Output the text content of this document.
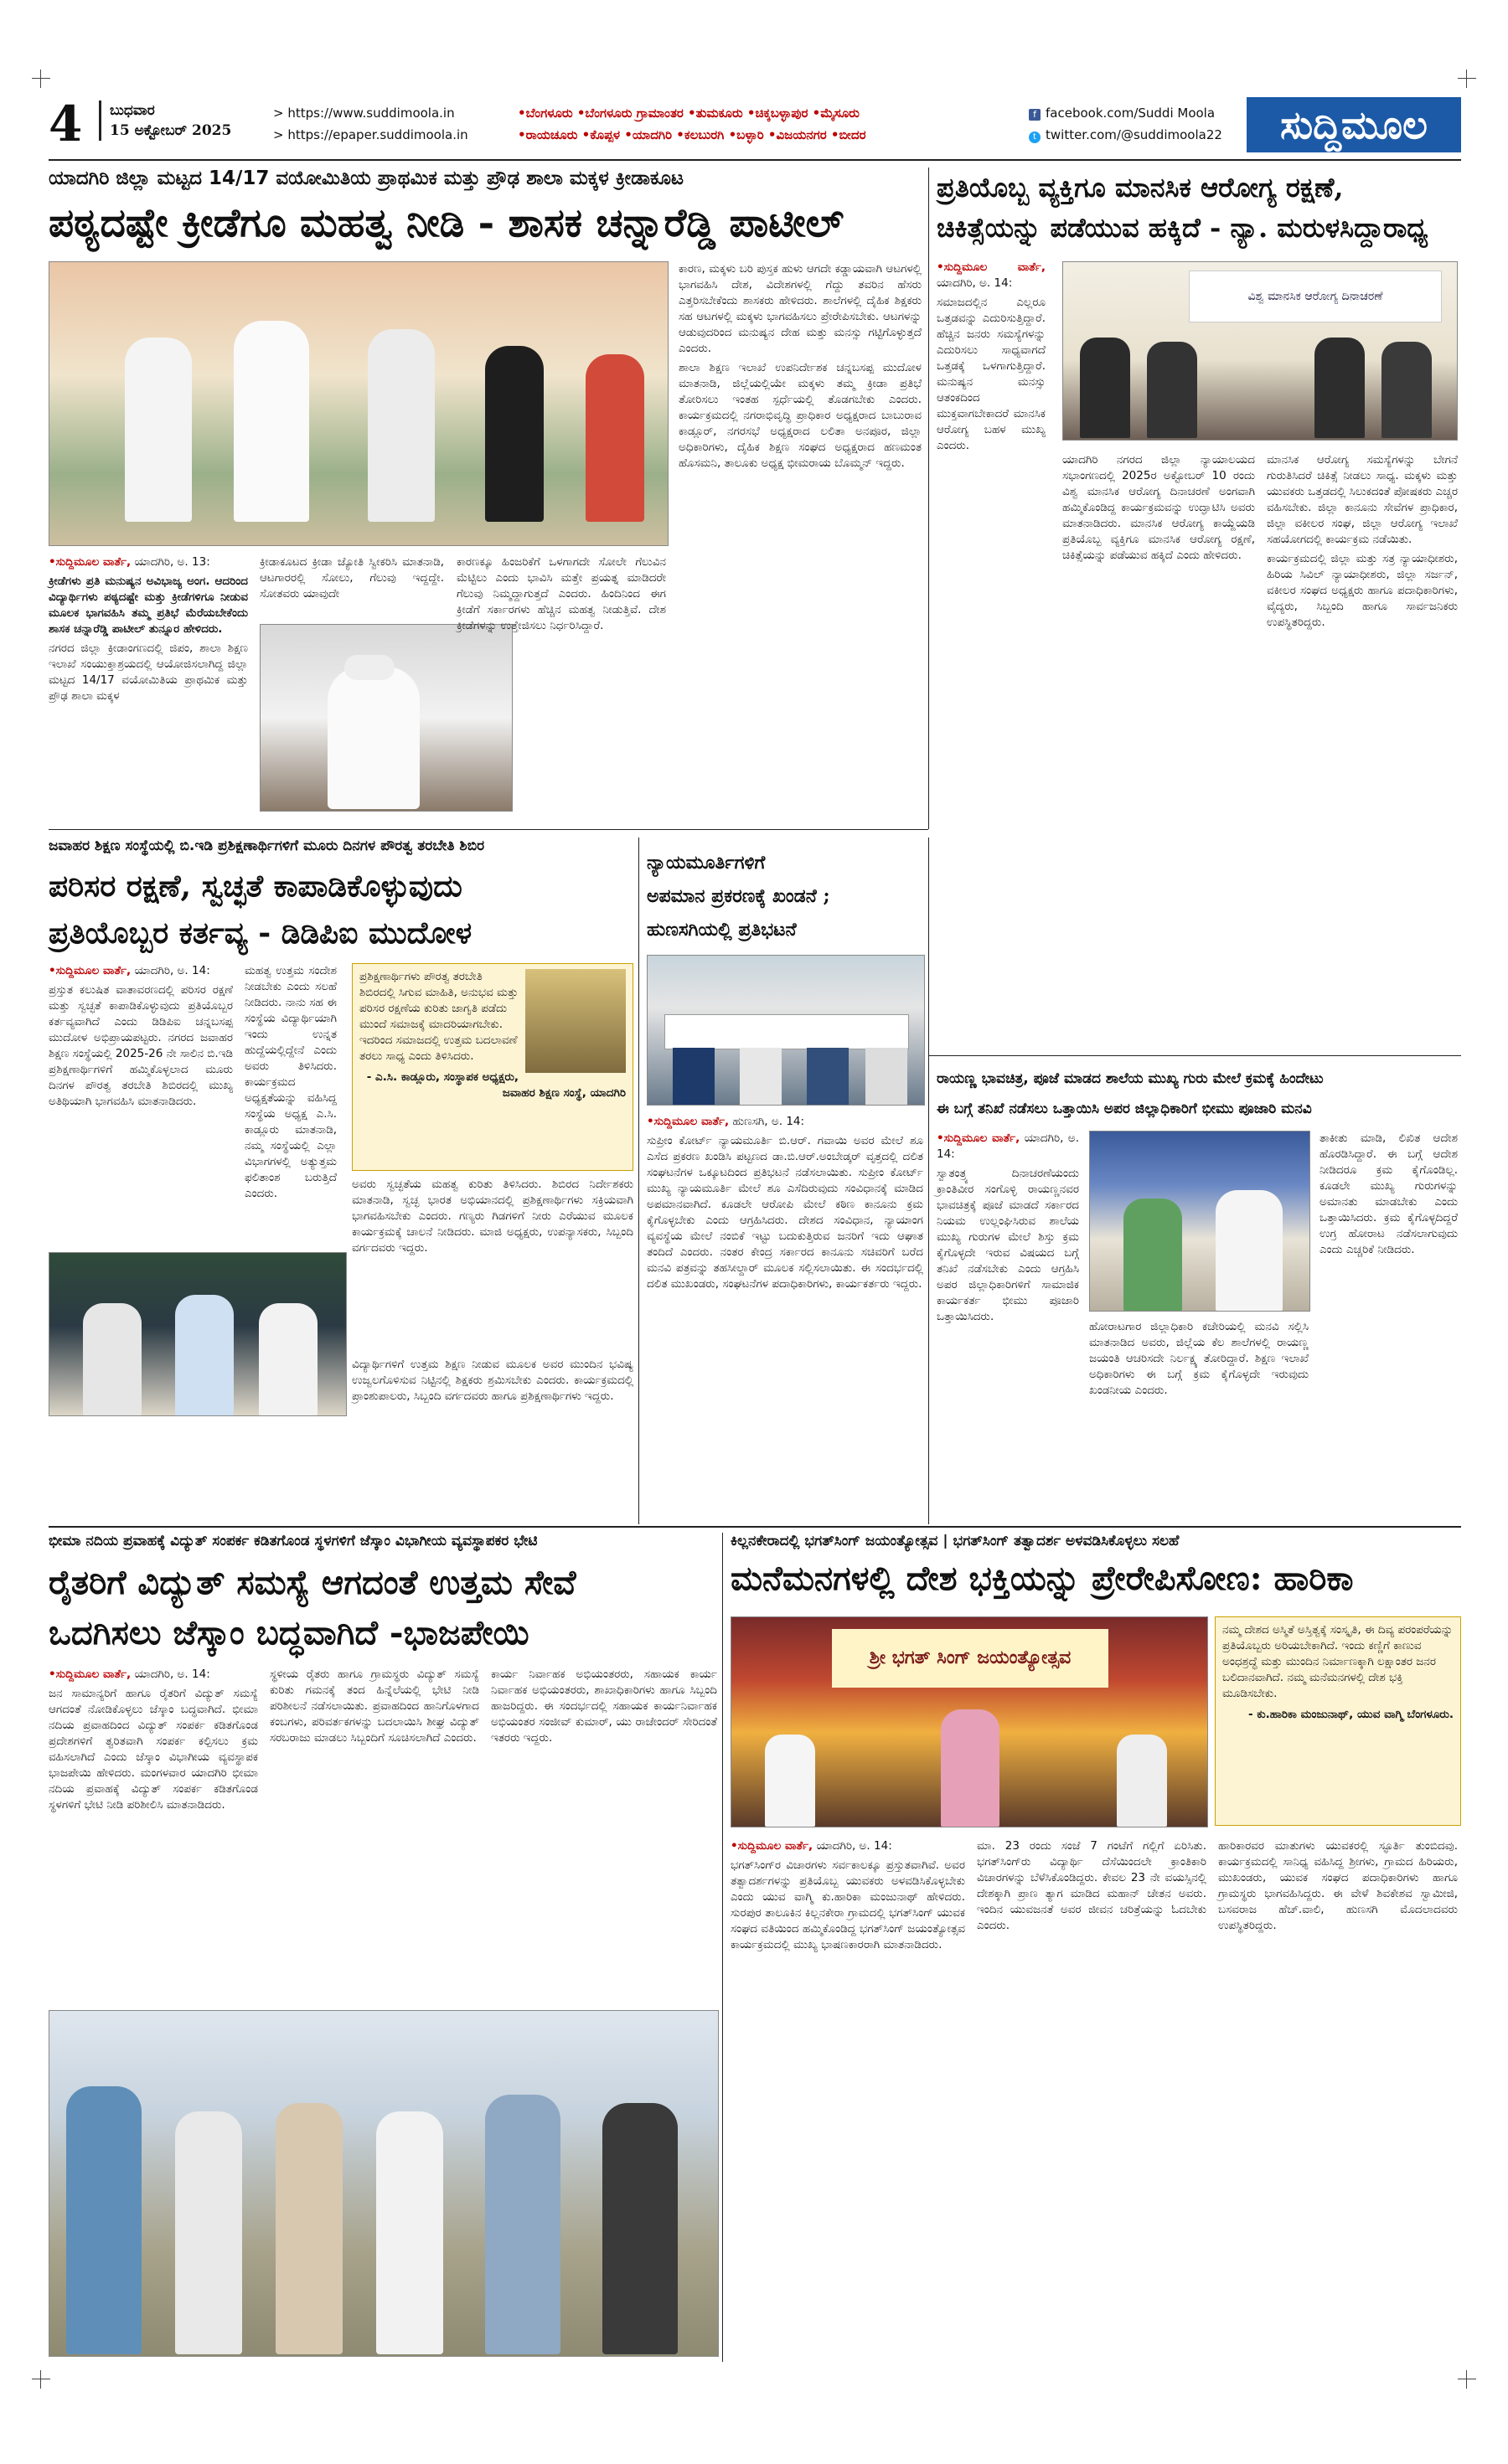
4 ಬುಧವಾರ
15 ಅಕ್ಟೋಬರ್ 2025
> https://www.suddimoola.in
> https://epaper.suddimoola.in
•ಬೆಂಗಳೂರು •ಬೆಂಗಳೂರು ಗ್ರಾಮಾಂತರ •ತುಮಕೂರು •ಚಿಕ್ಕಬಳ್ಳಾಪುರ •ಮೈಸೂರು
•ರಾಯಚೂರು •ಕೊಪ್ಪಳ •ಯಾದಗಿರಿ •ಕಲಬುರಗಿ •ಬಳ್ಳಾರಿ •ವಿಜಯನಗರ •ಬೀದರ
f facebook.com/Suddi Moola
t twitter.com/@suddimoola22	ಸುದ್ದಿಮೂಲ
ಯಾದಗಿರಿ ಜಿಲ್ಲಾ ಮಟ್ಟದ 14/17 ವಯೋಮಿತಿಯ ಪ್ರಾಥಮಿಕ ಮತ್ತು ಪ್ರೌಢ ಶಾಲಾ ಮಕ್ಕಳ ಕ್ರೀಡಾಕೂಟ
ಪಠ್ಯದಷ್ಟೇ ಕ್ರೀಡೆಗೂ ಮಹತ್ವ ನೀಡಿ - ಶಾಸಕ ಚನ್ನಾರೆಡ್ಡಿ ಪಾಟೀಲ್

ಕಾರಣ, ಮಕ್ಕಳು ಬರಿ ಪುಸ್ತಕ ಹುಳು ಆಗದೇ ಕಡ್ಡಾಯವಾಗಿ ಆಟಗಳಲ್ಲಿ ಭಾಗವಹಿಸಿ ದೇಶ, ವಿದೇಶಗಳಲ್ಲಿ ಗೆದ್ದು ತವರಿನ ಹೆಸರು ಎತ್ತರಿಸಬೇಕೆಂದು ಶಾಸಕರು ಹೇಳಿದರು. ಶಾಲೆಗಳಲ್ಲಿ ದೈಹಿಕ ಶಿಕ್ಷಕರು ಸಹ ಆಟಗಳಲ್ಲಿ ಮಕ್ಕಳು ಭಾಗವಹಿಸಲು ಪ್ರೇರೇಪಿಸಬೇಕು. ಆಟಗಳನ್ನು ಆಡುವುದರಿಂದ ಮನುಷ್ಯನ ದೇಹ ಮತ್ತು ಮನಸ್ಸು ಗಟ್ಟಿಗೊಳ್ಳುತ್ತದೆ ಎಂದರು.

ಶಾಲಾ ಶಿಕ್ಷಣ ಇಲಾಖೆ ಉಪನಿರ್ದೇಶಕ ಚನ್ನಬಸಪ್ಪ ಮುದೋಳ ಮಾತನಾಡಿ, ಜಿಲ್ಲೆಯಲ್ಲಿಯೇ ಮಕ್ಕಳು ತಮ್ಮ ಕ್ರೀಡಾ ಪ್ರತಿಭೆ ತೋರಿಸಲು ಇಂತಹ ಸ್ಪರ್ಧೆಯಲ್ಲಿ ತೊಡಗಬೇಕು ಎಂದರು. ಕಾರ್ಯಕ್ರಮದಲ್ಲಿ ನಗರಾಭಿವೃದ್ಧಿ ಪ್ರಾಧಿಕಾರ ಅಧ್ಯಕ್ಷರಾದ ಬಾಬುರಾವ ಕಾಡ್ಲೂರ್, ನಗರಸಭೆ ಅಧ್ಯಕ್ಷರಾದ ಲಲಿತಾ ಅನಪೂರ, ಜಿಲ್ಲಾ ಅಧಿಕಾರಿಗಳು, ದೈಹಿಕ ಶಿಕ್ಷಣ ಸಂಘದ ಅಧ್ಯಕ್ಷರಾದ ಹಣಮಂತ ಹೊಸಮನಿ, ತಾಲೂಕು ಅಧ್ಯಕ್ಷ ಭೀಮರಾಯ ಬೊಮ್ಮನ್ ಇದ್ದರು.

•ಸುದ್ದಿಮೂಲ ವಾರ್ತೆ, ಯಾದಗಿರಿ, ಅ. 13:

ಕ್ರೀಡೆಗಳು ಪ್ರತಿ ಮನುಷ್ಯನ ಅವಿಭಾಜ್ಯ ಅಂಗ. ಆದರಿಂದ ವಿದ್ಯಾರ್ಥಿಗಳು ಪಠ್ಯದಷ್ಟೇ ಮತ್ತು ಕ್ರೀಡೆಗಳಿಗೂ ನೀಡುವ ಮೂಲಕ ಭಾಗವಹಿಸಿ ತಮ್ಮ ಪ್ರತಿಭೆ ಮೆರೆಯಬೇಕೆಂದು ಶಾಸಕ ಚನ್ನಾರೆಡ್ಡಿ ಪಾಟೀಲ್ ತುನ್ನೂರ ಹೇಳಿದರು.

ನಗರದ ಜಿಲ್ಲಾ ಕ್ರೀಡಾಂಗಣದಲ್ಲಿ ಜಿಪಂ, ಶಾಲಾ ಶಿಕ್ಷಣ ಇಲಾಖೆ ಸಂಯುಕ್ತಾಶ್ರಯದಲ್ಲಿ ಆಯೋಜಿಸಲಾಗಿದ್ದ ಜಿಲ್ಲಾ ಮಟ್ಟದ 14/17 ವಯೋಮಿತಿಯ ಪ್ರಾಥಮಿಕ ಮತ್ತು ಪ್ರೌಢ ಶಾಲಾ ಮಕ್ಕಳ

ಕ್ರೀಡಾಕೂಟದ ಕ್ರೀಡಾ ಜ್ಯೋತಿ ಸ್ವೀಕರಿಸಿ ಮಾತನಾಡಿ, ಆಟಗಾರರಲ್ಲಿ ಸೋಲು, ಗೆಲುವು ಇದ್ದದ್ದೇ. ಸೋತವರು ಯಾವುದೇ

ಕಾರಣಕ್ಕೂ ಹಿಂಜರಿಕೆಗೆ ಒಳಗಾಗದೇ ಸೋಲೇ ಗೆಲುವಿನ ಮೆಟ್ಟಿಲು ಎಂದು ಭಾವಿಸಿ ಮತ್ತೇ ಪ್ರಯತ್ನ ಮಾಡಿದರೇ ಗೆಲುವು ನಿಮ್ಮದ್ದಾಗುತ್ತದೆ ಎಂದರು. ಹಿಂದಿನಿಂದ ಈಗ ಕ್ರೀಡೆಗೆ ಸರ್ಕಾರಗಳು ಹೆಚ್ಚಿನ ಮಹತ್ವ ನೀಡುತ್ತಿವೆ. ದೇಶ ಕ್ರೀಡೆಗಳನ್ನು ಉತ್ತೇಜಿಸಲು ನಿರ್ಧರಿಸಿದ್ದಾರೆ.

ಪ್ರತಿಯೊಬ್ಬ ವ್ಯಕ್ತಿಗೂ ಮಾನಸಿಕ ಆರೋಗ್ಯ ರಕ್ಷಣೆ,
ಚಿಕಿತ್ಸೆಯನ್ನು ಪಡೆಯುವ ಹಕ್ಕಿದೆ - ನ್ಯಾ. ಮರುಳಸಿದ್ದಾರಾಧ್ಯ

•ಸುದ್ದಿಮೂಲ ವಾರ್ತೆ, ಯಾದಗಿರಿ, ಅ. 14:

ಸಮಾಜದಲ್ಲಿನ ಎಲ್ಲರೂ ಒತ್ತಡವನ್ನು ಎದುರಿಸುತ್ತಿದ್ದಾರೆ. ಹೆಚ್ಚಿನ ಜನರು ಸಮಸ್ಯೆಗಳನ್ನು ಎದುರಿಸಲು ಸಾಧ್ಯವಾಗದೆ ಒತ್ತಡಕ್ಕೆ ಒಳಗಾಗುತ್ತಿದ್ದಾರೆ. ಮನುಷ್ಯನ ಮನಸ್ಸು ಆತಂಕದಿಂದ ಮುಕ್ತವಾಗಬೇಕಾದರೆ ಮಾನಸಿಕ ಆರೋಗ್ಯ ಬಹಳ ಮುಖ್ಯ ಎಂದರು.

ವಿಶ್ವ ಮಾನಸಿಕ ಆರೋಗ್ಯ ದಿನಾಚರಣೆ

ಯಾದಗಿರಿ ನಗರದ ಜಿಲ್ಲಾ ನ್ಯಾಯಾಲಯದ ಸಭಾಂಗಣದಲ್ಲಿ 2025ರ ಅಕ್ಟೋಬರ್ 10 ರಂದು ವಿಶ್ವ ಮಾನಸಿಕ ಆರೋಗ್ಯ ದಿನಾಚರಣೆ ಅಂಗವಾಗಿ ಹಮ್ಮಿಕೊಂಡಿದ್ದ ಕಾರ್ಯಕ್ರಮವನ್ನು ಉದ್ಘಾಟಿಸಿ ಅವರು ಮಾತನಾಡಿದರು. ಮಾನಸಿಕ ಆರೋಗ್ಯ ಕಾಯ್ದೆಯಡಿ ಪ್ರತಿಯೊಬ್ಬ ವ್ಯಕ್ತಿಗೂ ಮಾನಸಿಕ ಆರೋಗ್ಯ ರಕ್ಷಣೆ, ಚಿಕಿತ್ಸೆಯನ್ನು ಪಡೆಯುವ ಹಕ್ಕಿದೆ ಎಂದು ಹೇಳಿದರು.

ಮಾನಸಿಕ ಆರೋಗ್ಯ ಸಮಸ್ಯೆಗಳನ್ನು ಬೇಗನೆ ಗುರುತಿಸಿದರೆ ಚಿಕಿತ್ಸೆ ನೀಡಲು ಸಾಧ್ಯ. ಮಕ್ಕಳು ಮತ್ತು ಯುವಕರು ಒತ್ತಡದಲ್ಲಿ ಸಿಲುಕದಂತೆ ಪೋಷಕರು ಎಚ್ಚರ ವಹಿಸಬೇಕು. ಜಿಲ್ಲಾ ಕಾನೂನು ಸೇವೆಗಳ ಪ್ರಾಧಿಕಾರ, ಜಿಲ್ಲಾ ವಕೀಲರ ಸಂಘ, ಜಿಲ್ಲಾ ಆರೋಗ್ಯ ಇಲಾಖೆ ಸಹಯೋಗದಲ್ಲಿ ಕಾರ್ಯಕ್ರಮ ನಡೆಯಿತು.

ಕಾರ್ಯಕ್ರಮದಲ್ಲಿ ಜಿಲ್ಲಾ ಮತ್ತು ಸತ್ರ ನ್ಯಾಯಾಧೀಶರು, ಹಿರಿಯ ಸಿವಿಲ್ ನ್ಯಾಯಾಧೀಶರು, ಜಿಲ್ಲಾ ಸರ್ಜನ್, ವಕೀಲರ ಸಂಘದ ಅಧ್ಯಕ್ಷರು ಹಾಗೂ ಪದಾಧಿಕಾರಿಗಳು, ವೈದ್ಯರು, ಸಿಬ್ಬಂದಿ ಹಾಗೂ ಸಾರ್ವಜನಿಕರು ಉಪಸ್ಥಿತರಿದ್ದರು.

ಜವಾಹರ ಶಿಕ್ಷಣ ಸಂಸ್ಥೆಯಲ್ಲಿ ಬಿ.ಇಡಿ ಪ್ರಶಿಕ್ಷಣಾರ್ಥಿಗಳಿಗೆ ಮೂರು ದಿನಗಳ ಪೌರತ್ವ ತರಬೇತಿ ಶಿಬಿರ
ಪರಿಸರ ರಕ್ಷಣೆ, ಸ್ವಚ್ಛತೆ ಕಾಪಾಡಿಕೊಳ್ಳುವುದು
ಪ್ರತಿಯೊಬ್ಬರ ಕರ್ತವ್ಯ - ಡಿಡಿಪಿಐ ಮುದೋಳ

•ಸುದ್ದಿಮೂಲ ವಾರ್ತೆ, ಯಾದಗಿರಿ, ಅ. 14:

ಪ್ರಸ್ತುತ ಕಲುಷಿತ ವಾತಾವರಣದಲ್ಲಿ ಪರಿಸರ ರಕ್ಷಣೆ ಮತ್ತು ಸ್ವಚ್ಛತೆ ಕಾಪಾಡಿಕೊಳ್ಳುವುದು ಪ್ರತಿಯೊಬ್ಬರ ಕರ್ತವ್ಯವಾಗಿದೆ ಎಂದು ಡಿಡಿಪಿಐ ಚನ್ನಬಸಪ್ಪ ಮುದೋಳ ಅಭಿಪ್ರಾಯಪಟ್ಟರು. ನಗರದ ಜವಾಹರ ಶಿಕ್ಷಣ ಸಂಸ್ಥೆಯಲ್ಲಿ 2025-26 ನೇ ಸಾಲಿನ ಬಿ.ಇಡಿ ಪ್ರಶಿಕ್ಷಣಾರ್ಥಿಗಳಿಗೆ ಹಮ್ಮಿಕೊಳ್ಳಲಾದ ಮೂರು ದಿನಗಳ ಪೌರತ್ವ ತರಬೇತಿ ಶಿಬಿರದಲ್ಲಿ ಮುಖ್ಯ ಅತಿಥಿಯಾಗಿ ಭಾಗವಹಿಸಿ ಮಾತನಾಡಿದರು.

ಮಹತ್ವ ಉತ್ತಮ ಸಂದೇಶ ನೀಡಬೇಕು ಎಂದು ಸಲಹೆ ನೀಡಿದರು. ನಾನು ಸಹ ಈ ಸಂಸ್ಥೆಯ ವಿದ್ಯಾರ್ಥಿಯಾಗಿ ಇಂದು ಉನ್ನತ ಹುದ್ದೆಯಲ್ಲಿದ್ದೇನೆ ಎಂದು ಅವರು ತಿಳಿಸಿದರು. ಕಾರ್ಯಕ್ರಮದ ಅಧ್ಯಕ್ಷತೆಯನ್ನು ವಹಿಸಿದ್ದ ಸಂಸ್ಥೆಯ ಅಧ್ಯಕ್ಷ ಎ.ಸಿ. ಕಾಡ್ಲೂರು ಮಾತನಾಡಿ, ನಮ್ಮ ಸಂಸ್ಥೆಯಲ್ಲಿ ಎಲ್ಲಾ ವಿಭಾಗಗಳಲ್ಲಿ ಅತ್ಯುತ್ತಮ ಫಲಿತಾಂಶ ಬರುತ್ತಿದೆ ಎಂದರು.

ಪ್ರಶಿಕ್ಷಣಾರ್ಥಿಗಳು ಪೌರತ್ವ ತರಬೇತಿ ಶಿಬಿರದಲ್ಲಿ ಸಿಗುವ ಮಾಹಿತಿ, ಅನುಭವ ಮತ್ತು ಪರಿಸರ ರಕ್ಷಣೆಯ ಕುರಿತು ಜಾಗೃತಿ ಪಡೆದು ಮುಂದೆ ಸಮಾಜಕ್ಕೆ ಮಾದರಿಯಾಗಬೇಕು. ಇದರಿಂದ ಸಮಾಜದಲ್ಲಿ ಉತ್ತಮ ಬದಲಾವಣೆ ತರಲು ಸಾಧ್ಯ ಎಂದು ತಿಳಿಸಿದರು.
- ಎ.ಸಿ. ಕಾಡ್ಲೂರು, ಸಂಸ್ಥಾಪಕ ಅಧ್ಯಕ್ಷರು, ಜವಾಹರ ಶಿಕ್ಷಣ ಸಂಸ್ಥೆ, ಯಾದಗಿರಿ

ಅವರು ಸ್ವಚ್ಛತೆಯ ಮಹತ್ವ ಕುರಿತು ತಿಳಿಸಿದರು. ಶಿಬಿರದ ನಿರ್ದೇಶಕರು ಮಾತನಾಡಿ, ಸ್ವಚ್ಛ ಭಾರತ ಅಭಿಯಾನದಲ್ಲಿ ಪ್ರಶಿಕ್ಷಣಾರ್ಥಿಗಳು ಸಕ್ರಿಯವಾಗಿ ಭಾಗವಹಿಸಬೇಕು ಎಂದರು. ಗಣ್ಯರು ಗಿಡಗಳಿಗೆ ನೀರು ಎರೆಯುವ ಮೂಲಕ ಕಾರ್ಯಕ್ರಮಕ್ಕೆ ಚಾಲನೆ ನೀಡಿದರು. ಮಾಜಿ ಅಧ್ಯಕ್ಷರು, ಉಪನ್ಯಾಸಕರು, ಸಿಬ್ಬಂದಿ ವರ್ಗದವರು ಇದ್ದರು.

ವಿದ್ಯಾರ್ಥಿಗಳಿಗೆ ಉತ್ತಮ ಶಿಕ್ಷಣ ನೀಡುವ ಮೂಲಕ ಅವರ ಮುಂದಿನ ಭವಿಷ್ಯ ಉಜ್ವಲಗೊಳಿಸುವ ನಿಟ್ಟಿನಲ್ಲಿ ಶಿಕ್ಷಕರು ಶ್ರಮಿಸಬೇಕು ಎಂದರು. ಕಾರ್ಯಕ್ರಮದಲ್ಲಿ ಪ್ರಾಂಶುಪಾಲರು, ಸಿಬ್ಬಂದಿ ವರ್ಗದವರು ಹಾಗೂ ಪ್ರಶಿಕ್ಷಣಾರ್ಥಿಗಳು ಇದ್ದರು.

ನ್ಯಾಯಮೂರ್ತಿಗಳಿಗೆ
ಅಪಮಾನ ಪ್ರಕರಣಕ್ಕೆ ಖಂಡನೆ ;
ಹುಣಸಗಿಯಲ್ಲಿ ಪ್ರತಿಭಟನೆ

•ಸುದ್ದಿಮೂಲ ವಾರ್ತೆ, ಹುಣಸಗಿ, ಅ. 14:

ಸುಪ್ರೀಂ ಕೋರ್ಟ್ ನ್ಯಾಯಮೂರ್ತಿ ಬಿ.ಆರ್. ಗವಾಯಿ ಅವರ ಮೇಲೆ ಶೂ ಎಸೆದ ಪ್ರಕರಣ ಖಂಡಿಸಿ ಪಟ್ಟಣದ ಡಾ.ಬಿ.ಆರ್.ಅಂಬೇಡ್ಕರ್ ವೃತ್ತದಲ್ಲಿ ದಲಿತ ಸಂಘಟನೆಗಳ ಒಕ್ಕೂಟದಿಂದ ಪ್ರತಿಭಟನೆ ನಡೆಸಲಾಯಿತು. ಸುಪ್ರೀಂ ಕೋರ್ಟ್ ಮುಖ್ಯ ನ್ಯಾಯಮೂರ್ತಿ ಮೇಲೆ ಶೂ ಎಸೆದಿರುವುದು ಸಂವಿಧಾನಕ್ಕೆ ಮಾಡಿದ ಅಪಮಾನವಾಗಿದೆ. ಕೂಡಲೇ ಆರೋಪಿ ಮೇಲೆ ಕಠಿಣ ಕಾನೂನು ಕ್ರಮ ಕೈಗೊಳ್ಳಬೇಕು ಎಂದು ಆಗ್ರಹಿಸಿದರು. ದೇಶದ ಸಂವಿಧಾನ, ನ್ಯಾಯಾಂಗ ವ್ಯವಸ್ಥೆಯ ಮೇಲೆ ನಂಬಿಕೆ ಇಟ್ಟು ಬದುಕುತ್ತಿರುವ ಜನರಿಗೆ ಇದು ಆಘಾತ ತಂದಿದೆ ಎಂದರು. ನಂತರ ಕೇಂದ್ರ ಸರ್ಕಾರದ ಕಾನೂನು ಸಚಿವರಿಗೆ ಬರೆದ ಮನವಿ ಪತ್ರವನ್ನು ತಹಸೀಲ್ದಾರ್ ಮೂಲಕ ಸಲ್ಲಿಸಲಾಯಿತು. ಈ ಸಂದರ್ಭದಲ್ಲಿ ದಲಿತ ಮುಖಂಡರು, ಸಂಘಟನೆಗಳ ಪದಾಧಿಕಾರಿಗಳು, ಕಾರ್ಯಕರ್ತರು ಇದ್ದರು.

ರಾಯಣ್ಣ ಭಾವಚಿತ್ರ, ಪೂಜೆ ಮಾಡದ ಶಾಲೆಯ ಮುಖ್ಯ ಗುರು ಮೇಲೆ ಕ್ರಮಕ್ಕೆ ಹಿಂದೇಟು
ಈ ಬಗ್ಗೆ ತನಿಖೆ ನಡೆಸಲು ಒತ್ತಾಯಿಸಿ ಅಪರ ಜಿಲ್ಲಾಧಿಕಾರಿಗೆ ಭೀಮು ಪೂಜಾರಿ ಮನವಿ

•ಸುದ್ದಿಮೂಲ ವಾರ್ತೆ, ಯಾದಗಿರಿ, ಅ. 14:

ಸ್ವಾತಂತ್ರ್ಯ ದಿನಾಚರಣೆಯಂದು ಕ್ರಾಂತಿವೀರ ಸಂಗೊಳ್ಳಿ ರಾಯಣ್ಣನವರ ಭಾವಚಿತ್ರಕ್ಕೆ ಪೂಜೆ ಮಾಡದೆ ಸರ್ಕಾರದ ನಿಯಮ ಉಲ್ಲಂಘಿಸಿರುವ ಶಾಲೆಯ ಮುಖ್ಯ ಗುರುಗಳ ಮೇಲೆ ಶಿಸ್ತು ಕ್ರಮ ಕೈಗೊಳ್ಳದೇ ಇರುವ ವಿಷಯದ ಬಗ್ಗೆ ತನಿಖೆ ನಡೆಸಬೇಕು ಎಂದು ಆಗ್ರಹಿಸಿ ಅಪರ ಜಿಲ್ಲಾಧಿಕಾರಿಗಳಿಗೆ ಸಾಮಾಜಿಕ ಕಾರ್ಯಕರ್ತ ಭೀಮು ಪೂಜಾರಿ ಒತ್ತಾಯಿಸಿದರು.

ಹೋರಾಟಗಾರ ಜಿಲ್ಲಾಧಿಕಾರಿ ಕಚೇರಿಯಲ್ಲಿ ಮನವಿ ಸಲ್ಲಿಸಿ ಮಾತನಾಡಿದ ಅವರು, ಜಿಲ್ಲೆಯ ಕೆಲ ಶಾಲೆಗಳಲ್ಲಿ ರಾಯಣ್ಣ ಜಯಂತಿ ಆಚರಿಸದೇ ನಿರ್ಲಕ್ಷ್ಯ ತೋರಿದ್ದಾರೆ. ಶಿಕ್ಷಣ ಇಲಾಖೆ ಅಧಿಕಾರಿಗಳು ಈ ಬಗ್ಗೆ ಕ್ರಮ ಕೈಗೊಳ್ಳದೇ ಇರುವುದು ಖಂಡನೀಯ ಎಂದರು.

ತಾಕೀತು ಮಾಡಿ, ಲಿಖಿತ ಆದೇಶ ಹೊರಡಿಸಿದ್ದಾರೆ. ಈ ಬಗ್ಗೆ ಆದೇಶ ನೀಡಿದರೂ ಕ್ರಮ ಕೈಗೊಂಡಿಲ್ಲ. ಕೂಡಲೇ ಮುಖ್ಯ ಗುರುಗಳನ್ನು ಅಮಾನತು ಮಾಡಬೇಕು ಎಂದು ಒತ್ತಾಯಿಸಿದರು. ಕ್ರಮ ಕೈಗೊಳ್ಳದಿದ್ದರೆ ಉಗ್ರ ಹೋರಾಟ ನಡೆಸಲಾಗುವುದು ಎಂದು ಎಚ್ಚರಿಕೆ ನೀಡಿದರು.

ಭೀಮಾ ನದಿಯ ಪ್ರವಾಹಕ್ಕೆ ವಿದ್ಯುತ್ ಸಂಪರ್ಕ ಕಡಿತಗೊಂಡ ಸ್ಥಳಗಳಿಗೆ ಜೆಸ್ಕಾಂ ವಿಭಾಗೀಯ ವ್ಯವಸ್ಥಾಪಕರ ಭೇಟಿ
ರೈತರಿಗೆ ವಿದ್ಯುತ್ ಸಮಸ್ಯೆ ಆಗದಂತೆ ಉತ್ತಮ ಸೇವೆ
ಒದಗಿಸಲು ಜೆಸ್ಕಾಂ ಬದ್ಧವಾಗಿದೆ -ಭಾಜಪೇಯಿ

•ಸುದ್ದಿಮೂಲ ವಾರ್ತೆ, ಯಾದಗಿರಿ, ಅ. 14:

ಜನ ಸಾಮಾನ್ಯರಿಗೆ ಹಾಗೂ ರೈತರಿಗೆ ವಿದ್ಯುತ್ ಸಮಸ್ಯೆ ಆಗದಂತೆ ನೋಡಿಕೊಳ್ಳಲು ಜೆಸ್ಕಾಂ ಬದ್ಧವಾಗಿದೆ. ಭೀಮಾ ನದಿಯ ಪ್ರವಾಹದಿಂದ ವಿದ್ಯುತ್ ಸಂಪರ್ಕ ಕಡಿತಗೊಂಡ ಪ್ರದೇಶಗಳಿಗೆ ತ್ವರಿತವಾಗಿ ಸಂಪರ್ಕ ಕಲ್ಪಿಸಲು ಕ್ರಮ ವಹಿಸಲಾಗಿದೆ ಎಂದು ಜೆಸ್ಕಾಂ ವಿಭಾಗೀಯ ವ್ಯವಸ್ಥಾಪಕ ಭಾಜಪೇಯಿ ಹೇಳಿದರು. ಮಂಗಳವಾರ ಯಾದಗಿರಿ ಭೀಮಾ ನದಿಯ ಪ್ರವಾಹಕ್ಕೆ ವಿದ್ಯುತ್ ಸಂಪರ್ಕ ಕಡಿತಗೊಂಡ ಸ್ಥಳಗಳಿಗೆ ಭೇಟಿ ನೀಡಿ ಪರಿಶೀಲಿಸಿ ಮಾತನಾಡಿದರು.

ಸ್ಥಳೀಯ ರೈತರು ಹಾಗೂ ಗ್ರಾಮಸ್ಥರು ವಿದ್ಯುತ್ ಸಮಸ್ಯೆ ಕುರಿತು ಗಮನಕ್ಕೆ ತಂದ ಹಿನ್ನೆಲೆಯಲ್ಲಿ ಭೇಟಿ ನೀಡಿ ಪರಿಶೀಲನೆ ನಡೆಸಲಾಯಿತು. ಪ್ರವಾಹದಿಂದ ಹಾನಿಗೊಳಗಾದ ಕಂಬಗಳು, ಪರಿವರ್ತಕಗಳನ್ನು ಬದಲಾಯಿಸಿ ಶೀಘ್ರ ವಿದ್ಯುತ್ ಸರಬರಾಜು ಮಾಡಲು ಸಿಬ್ಬಂದಿಗೆ ಸೂಚಿಸಲಾಗಿದೆ ಎಂದರು.

ಕಾರ್ಯ ನಿರ್ವಾಹಕ ಅಭಿಯಂತರರು, ಸಹಾಯಕ ಕಾರ್ಯ ನಿರ್ವಾಹಕ ಅಭಿಯಂತರರು, ಶಾಖಾಧಿಕಾರಿಗಳು ಹಾಗೂ ಸಿಬ್ಬಂದಿ ಹಾಜರಿದ್ದರು. ಈ ಸಂದರ್ಭದಲ್ಲಿ ಸಹಾಯಕ ಕಾರ್ಯನಿರ್ವಾಹಕ ಅಭಿಯಂತರ ಸಂಜೀವ್ ಕುಮಾರ್, ಯು ರಾಜೇಂದರ್ ಸೇರಿದಂತೆ ಇತರರು ಇದ್ದರು.

ಕಿಲ್ಲನಕೇರಾದಲ್ಲಿ ಭಗತ್‌ಸಿಂಗ್ ಜಯಂತ್ಯೋತ್ಸವ | ಭಗತ್‌ಸಿಂಗ್ ತತ್ವಾದರ್ಶ ಅಳವಡಿಸಿಕೊಳ್ಳಲು ಸಲಹೆ
ಮನೆಮನಗಳಲ್ಲಿ ದೇಶ ಭಕ್ತಿಯನ್ನು ಪ್ರೇರೇಪಿಸೋಣ: ಹಾರಿಕಾ
ಶ್ರೀ ಭಗತ್ ಸಿಂಗ್ ಜಯಂತ್ಯೋತ್ಸವ
ನಮ್ಮ ದೇಶದ ಅಸ್ಮಿತೆ ಅಸ್ತಿತ್ವಕ್ಕೆ ಸಂಸ್ಕೃತಿ, ಈ ದಿವ್ಯ ಪರಂಪರೆಯನ್ನು ಪ್ರತಿಯೊಬ್ಬರು ಅರಿಯಬೇಕಾಗಿದೆ. ಇಂದು ಕಣ್ಣಿಗೆ ಕಾಣುವ ಅಂಧಶ್ರದ್ಧೆ ಮತ್ತು ಮುಂದಿನ ನಿರ್ಮಾಣಕ್ಕಾಗಿ ಲಕ್ಷಾಂತರ ಜನರ ಬಲಿದಾನವಾಗಿದೆ. ನಮ್ಮ ಮನೆಮನಗಳಲ್ಲಿ ದೇಶ ಭಕ್ತಿ ಮೂಡಿಸಬೇಕು.
- ಕು.ಹಾರಿಕಾ ಮಂಜುನಾಥ್, ಯುವ ವಾಗ್ಮಿ ಬೆಂಗಳೂರು.

•ಸುದ್ದಿಮೂಲ ವಾರ್ತೆ, ಯಾದಗಿರಿ, ಅ. 14:

ಭಗತ್‌ಸಿಂಗ್‌ರ ವಿಚಾರಗಳು ಸರ್ವಕಾಲಕ್ಕೂ ಪ್ರಸ್ತುತವಾಗಿವೆ. ಅವರ ತತ್ವಾದರ್ಶಗಳನ್ನು ಪ್ರತಿಯೊಬ್ಬ ಯುವಕರು ಅಳವಡಿಸಿಕೊಳ್ಳಬೇಕು ಎಂದು ಯುವ ವಾಗ್ಮಿ ಕು.ಹಾರಿಕಾ ಮಂಜುನಾಥ್ ಹೇಳಿದರು. ಸುರಪುರ ತಾಲೂಕಿನ ಕಿಲ್ಲನಕೇರಾ ಗ್ರಾಮದಲ್ಲಿ ಭಗತ್‌ಸಿಂಗ್ ಯುವಕ ಸಂಘದ ವತಿಯಿಂದ ಹಮ್ಮಿಕೊಂಡಿದ್ದ ಭಗತ್‌ಸಿಂಗ್ ಜಯಂತ್ಯೋತ್ಸವ ಕಾರ್ಯಕ್ರಮದಲ್ಲಿ ಮುಖ್ಯ ಭಾಷಣಕಾರರಾಗಿ ಮಾತನಾಡಿದರು.

ಮಾ. 23 ರಂದು ಸಂಜೆ 7 ಗಂಟೆಗೆ ಗಲ್ಲಿಗೆ ಏರಿಸಿತು. ಭಗತ್‌ಸಿಂಗ್‌ರು ವಿದ್ಯಾರ್ಥಿ ದೆಸೆಯಿಂದಲೇ ಕ್ರಾಂತಿಕಾರಿ ವಿಚಾರಗಳನ್ನು ಬೆಳೆಸಿಕೊಂಡಿದ್ದರು. ಕೇವಲ 23 ನೇ ವಯಸ್ಸಿನಲ್ಲಿ ದೇಶಕ್ಕಾಗಿ ಪ್ರಾಣ ತ್ಯಾಗ ಮಾಡಿದ ಮಹಾನ್ ಚೇತನ ಅವರು. ಇಂದಿನ ಯುವಜನತೆ ಅವರ ಜೀವನ ಚರಿತ್ರೆಯನ್ನು ಓದಬೇಕು ಎಂದರು.

ಹಾರಿಕಾರವರ ಮಾತುಗಳು ಯುವಕರಲ್ಲಿ ಸ್ಫೂರ್ತಿ ತುಂಬಿದವು. ಕಾರ್ಯಕ್ರಮದಲ್ಲಿ ಸಾನಿಧ್ಯ ವಹಿಸಿದ್ದ ಶ್ರೀಗಳು, ಗ್ರಾಮದ ಹಿರಿಯರು, ಮುಖಂಡರು, ಯುವಕ ಸಂಘದ ಪದಾಧಿಕಾರಿಗಳು ಹಾಗೂ ಗ್ರಾಮಸ್ಥರು ಭಾಗವಹಿಸಿದ್ದರು. ಈ ವೇಳೆ ಶಿವಕೇಶವ ಸ್ವಾಮೀಜಿ, ಬಸವರಾಜ ಹೆಚ್.ವಾಲಿ, ಹುಣಸಗಿ ಮೊದಲಾದವರು ಉಪಸ್ಥಿತರಿದ್ದರು.
